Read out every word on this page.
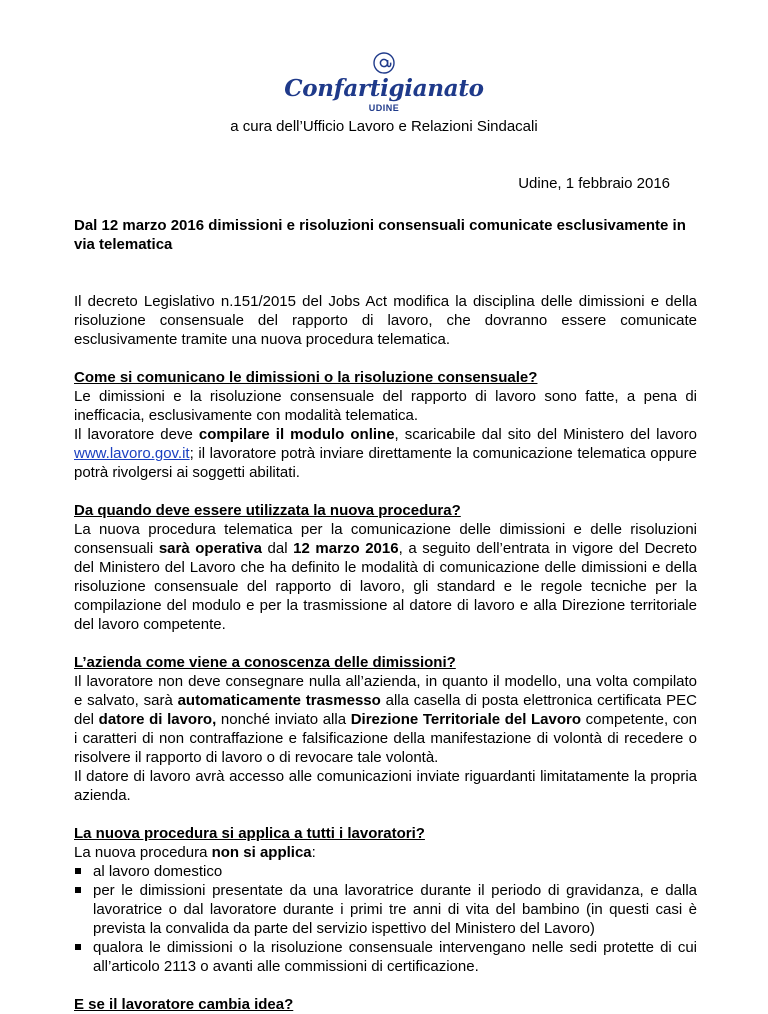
Confartigianato
UDINE
a cura dell’Ufficio Lavoro e Relazioni Sindacali
Udine, 1 febbraio 2016

Dal 12 marzo 2016 dimissioni e risoluzioni consensuali comunicate esclusivamente in via telematica

Il decreto Legislativo n.151/2015 del Jobs Act modifica la disciplina delle dimissioni e della risoluzione consensuale del rapporto di lavoro, che dovranno essere comunicate esclusivamente tramite una nuova procedura telematica.

Come si comunicano le dimissioni o la risoluzione consensuale?

Le dimissioni e la risoluzione consensuale del rapporto di lavoro sono fatte, a pena di inefficacia, esclusivamente con modalità telematica.

Il lavoratore deve compilare il modulo online, scaricabile dal sito del Ministero del lavoro www.lavoro.gov.it; il lavoratore potrà inviare direttamente la comunicazione telematica oppure potrà rivolgersi ai soggetti abilitati.

Da quando deve essere utilizzata la nuova procedura?

La nuova procedura telematica per la comunicazione delle dimissioni e delle risoluzioni consensuali sarà operativa dal 12 marzo 2016, a seguito dell’entrata in vigore del Decreto del Ministero del Lavoro che ha definito le modalità di comunicazione delle dimissioni e della risoluzione consensuale del rapporto di lavoro, gli standard e le regole tecniche per la compilazione del modulo e per la trasmissione al datore di lavoro e alla Direzione territoriale del lavoro competente.

L’azienda come viene a conoscenza delle dimissioni?

Il lavoratore non deve consegnare nulla all’azienda, in quanto il modello, una volta compilato e salvato, sarà automaticamente trasmesso alla casella di posta elettronica certificata PEC del datore di lavoro, nonché inviato alla Direzione Territoriale del Lavoro competente, con i caratteri di non contraffazione e falsificazione della manifestazione di volontà di recedere o risolvere il rapporto di lavoro o di revocare tale volontà.

Il datore di lavoro avrà accesso alle comunicazioni inviate riguardanti limitatamente la propria azienda.

La nuova procedura si applica a tutti i lavoratori?

La nuova procedura non si applica:

al lavoro domestico
per le dimissioni presentate da una lavoratrice durante il periodo di gravidanza, e dalla lavoratrice o dal lavoratore durante i primi tre anni di vita del bambino (in questi casi è prevista la convalida da parte del servizio ispettivo del Ministero del Lavoro)
qualora le dimissioni o la risoluzione consensuale intervengano nelle sedi protette di cui all’articolo 2113 o avanti alle commissioni di certificazione.

E se il lavoratore cambia idea?
